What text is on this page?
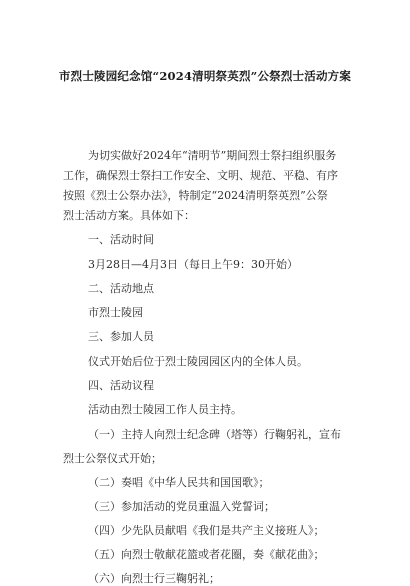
市烈士陵园纪念馆“2024清明祭英烈”公祭烈士活动方案
为切实做好2024年“清明节”期间烈士祭扫组织服务
工作，确保烈士祭扫工作安全、文明、规范、平稳、有序
按照《烈士公祭办法》，特制定“2024清明祭英烈”公祭
烈士活动方案。具体如下：
一、活动时间
3月28日—4月3日（每日上午9：30开始）
二、活动地点
市烈士陵园
三、参加人员
仪式开始后位于烈士陵园园区内的全体人员。
四、活动议程
活动由烈士陵园工作人员主持。
（一）主持人向烈士纪念碑（塔等）行鞠躬礼，宣布
烈士公祭仪式开始；
（二）奏唱《中华人民共和国国歌》；
（三）参加活动的党员重温入党誓词；
（四）少先队员献唱《我们是共产主义接班人》；
（五）向烈士敬献花篮或者花圈，奏《献花曲》；
（六）向烈士行三鞠躬礼；
